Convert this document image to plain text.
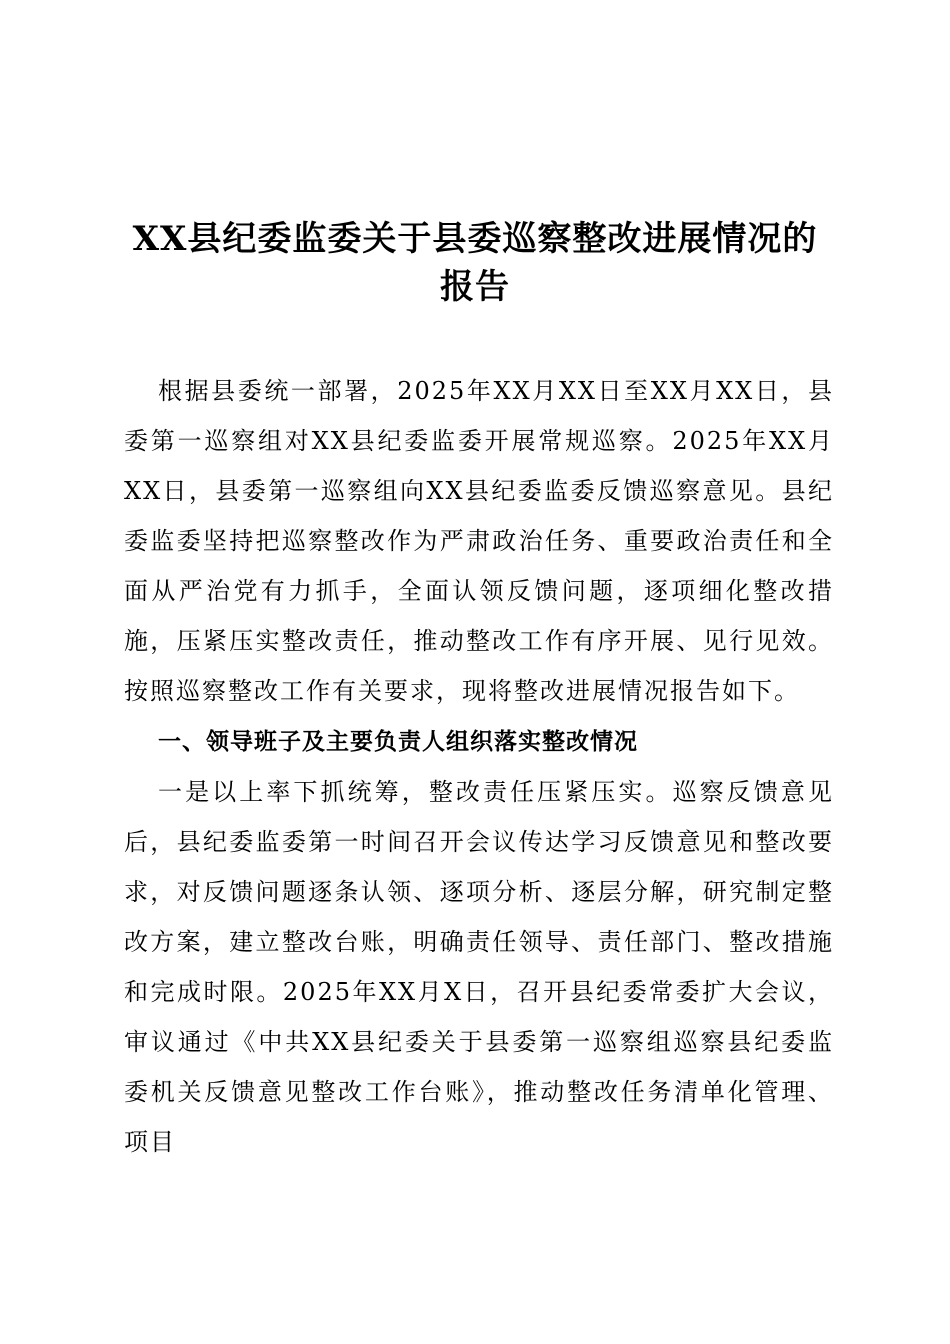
XX县纪委监委关于县委巡察整改进展情况的
报告

根据县委统一部署，2025年XX月XX日至XX月XX日，县委第一巡察组对XX县纪委监委开展常规巡察。2025年XX月XX日，县委第一巡察组向XX县纪委监委反馈巡察意见。县纪委监委坚持把巡察整改作为严肃政治任务、重要政治责任和全面从严治党有力抓手，全面认领反馈问题，逐项细化整改措施，压紧压实整改责任，推动整改工作有序开展、见行见效。按照巡察整改工作有关要求，现将整改进展情况报告如下。

一、领导班子及主要负责人组织落实整改情况

一是以上率下抓统筹，整改责任压紧压实。巡察反馈意见后，县纪委监委第一时间召开会议传达学习反馈意见和整改要求，对反馈问题逐条认领、逐项分析、逐层分解，研究制定整改方案，建立整改台账，明确责任领导、责任部门、整改措施和完成时限。2025年XX月X日，召开县纪委常委扩大会议，审议通过《中共XX县纪委关于县委第一巡察组巡察县纪委监委机关反馈意见整改工作台账》，推动整改任务清单化管理、项目
